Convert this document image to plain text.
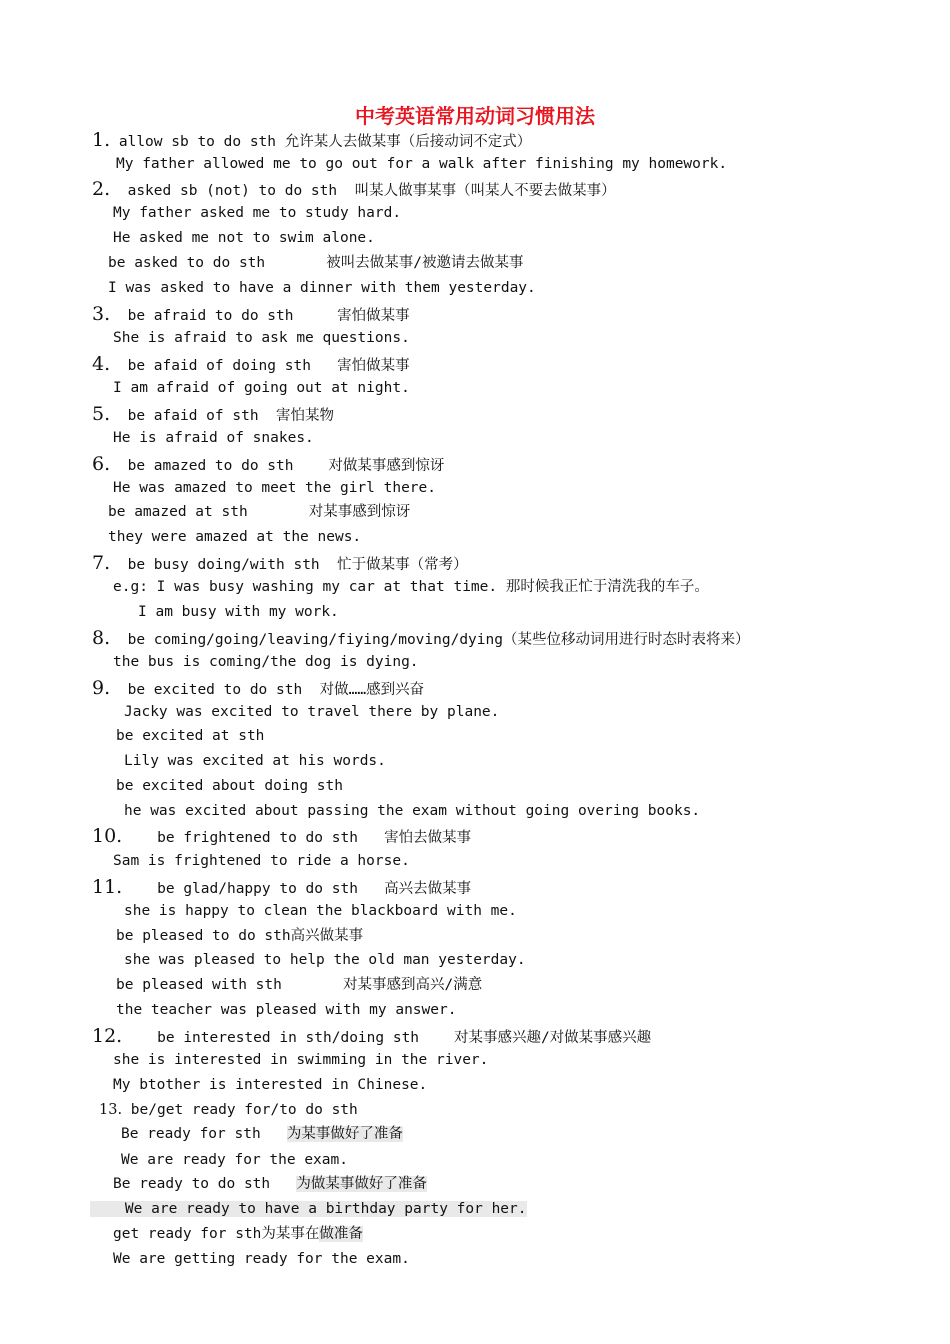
中考英语常用动词习惯用法
1. allow sb to do sth 允许某人去做某事（后接动词不定式）
My father allowed me to go out for a walk after finishing my homework.
2.  asked sb (not) to do sth  叫某人做事某事（叫某人不要去做某事）
My father asked me to study hard.
He asked me not to swim alone.
be asked to do sth       被叫去做某事/被邀请去做某事
I was asked to have a dinner with them yesterday.
3.  be afraid to do sth     害怕做某事
She is afraid to ask me questions.
4.  be afaid of doing sth   害怕做某事
I am afraid of going out at night.
5.  be afaid of sth  害怕某物
He is afraid of snakes.
6.  be amazed to do sth    对做某事感到惊讶
He was amazed to meet the girl there.
be amazed at sth       对某事感到惊讶
they were amazed at the news.
7.  be busy doing/with sth  忙于做某事（常考）
e.g: I was busy washing my car at that time. 那时候我正忙于清洗我的车子。
I am busy with my work.
8.  be coming/going/leaving/fiying/moving/dying（某些位移动词用进行时态时表将来）
the bus is coming/the dog is dying.
9.  be excited to do sth  对做……感到兴奋
Jacky was excited to travel there by plane.
be excited at sth
Lily was excited at his words.
be excited about doing sth
he was excited about passing the exam without going overing books.
10.    be frightened to do sth   害怕去做某事
Sam is frightened to ride a horse.
11.    be glad/happy to do sth   高兴去做某事
she is happy to clean the blackboard with me.
be pleased to do sth高兴做某事
she was pleased to help the old man yesterday.
be pleased with sth       对某事感到高兴/满意
the teacher was pleased with my answer.
12.    be interested in sth/doing sth    对某事感兴趣/对做某事感兴趣
she is interested in swimming in the river.
My btother is interested in Chinese.
13. be/get ready for/to do sth
Be ready for sth   为某事做好了准备
We are ready for the exam.
Be ready to do sth   为做某事做好了准备
We are ready to have a birthday party for her.
get ready for sth为某事在做准备
We are getting ready for the exam.
